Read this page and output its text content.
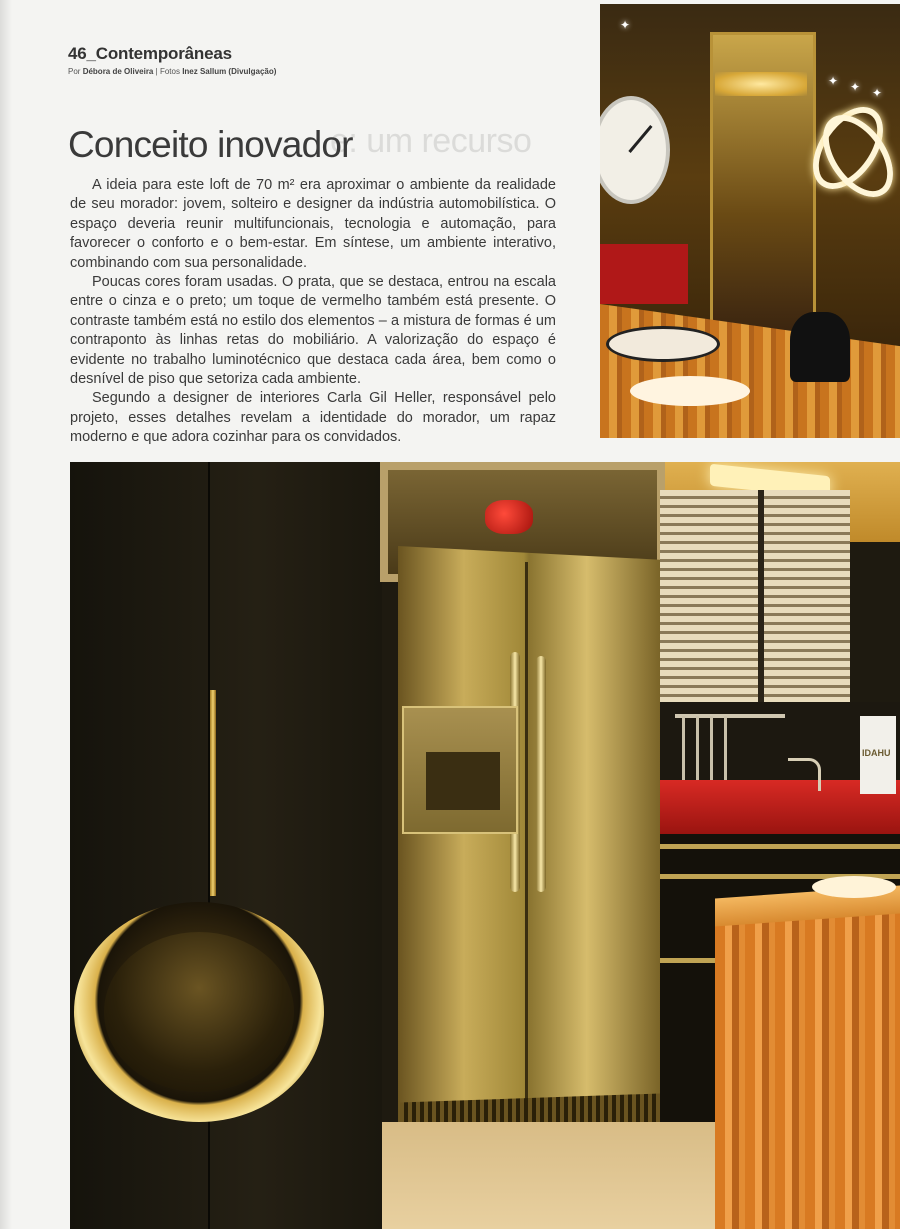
46_Contemporâneas
Por Débora de Oliveira | Fotos Inez Sallum (Divulgação)
e: um recurso
Conceito inovador

A ideia para este loft de 70 m² era aproximar o ambiente da realidade de seu morador: jovem, solteiro e designer da indústria automobilística. O espaço deveria reunir multifuncionais, tecnologia e automação, para favorecer o conforto e o bem-estar. Em síntese, um ambiente interativo, combinando com sua personalidade.

Poucas cores foram usadas. O prata, que se destaca, entrou na escala entre o cinza e o preto; um toque de vermelho também está presente. O contraste também está no estilo dos elementos – a mistura de formas é um contraponto às linhas retas do mobiliário. A valorização do espaço é evidente no trabalho luminotécnico que destaca cada área, bem como o desnível de piso que setoriza cada ambiente.

Segundo a designer de interiores Carla Gil Heller, responsável pelo projeto, esses detalhes revelam a identidade do morador, um rapaz moderno e que adora cozinhar para os convidados.

✦
✦ ✦ ✦
IDAHU
